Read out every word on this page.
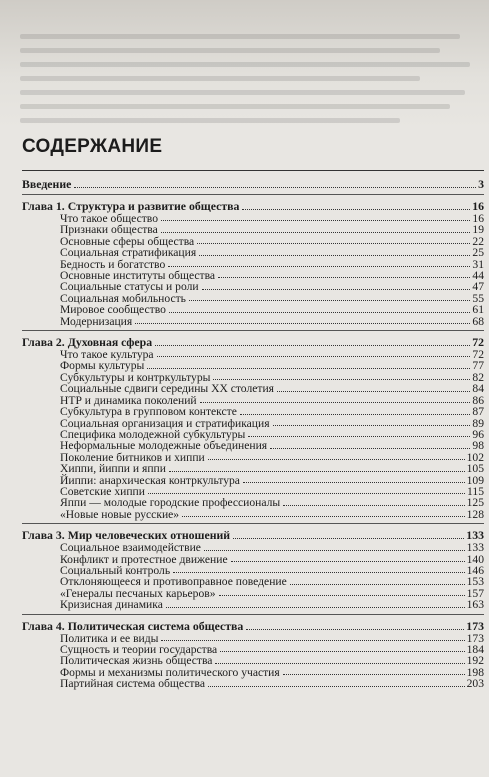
СОДЕРЖАНИЕ
Введение	3
Глава 1. Структура и развитие общества	16
Что такое общество	16
Признаки общества	19
Основные сферы общества	22
Социальная стратификация	25
Бедность и богатство	31
Основные институты общества	44
Социальные статусы и роли	47
Социальная мобильность	55
Мировое сообщество	61
Модернизация	68
Глава 2. Духовная сфера	72
Что такое культура	72
Формы культуры	77
Субкультуры и контркультуры	82
Социальные сдвиги середины XX столетия	84
НТР и динамика поколений	86
Субкультура в групповом контексте	87
Социальная организация и стратификация	89
Специфика молодежной субкультуры	96
Неформальные молодежные объединения	98
Поколение битников и хиппи	102
Хиппи, йиппи и яппи	105
Йиппи: анархическая контркультура	109
Советские хиппи	115
Яппи — молодые городские профессионалы	125
«Новые новые русские»	128
Глава 3. Мир человеческих отношений	133
Социальное взаимодействие	133
Конфликт и протестное движение	140
Социальный контроль	146
Отклоняющееся и противоправное поведение	153
«Генералы песчаных карьеров»	157
Кризисная динамика	163
Глава 4. Политическая система общества	173
Политика и ее виды	173
Сущность и теории государства	184
Политическая жизнь общества	192
Формы и механизмы политического участия	198
Партийная система общества	203
